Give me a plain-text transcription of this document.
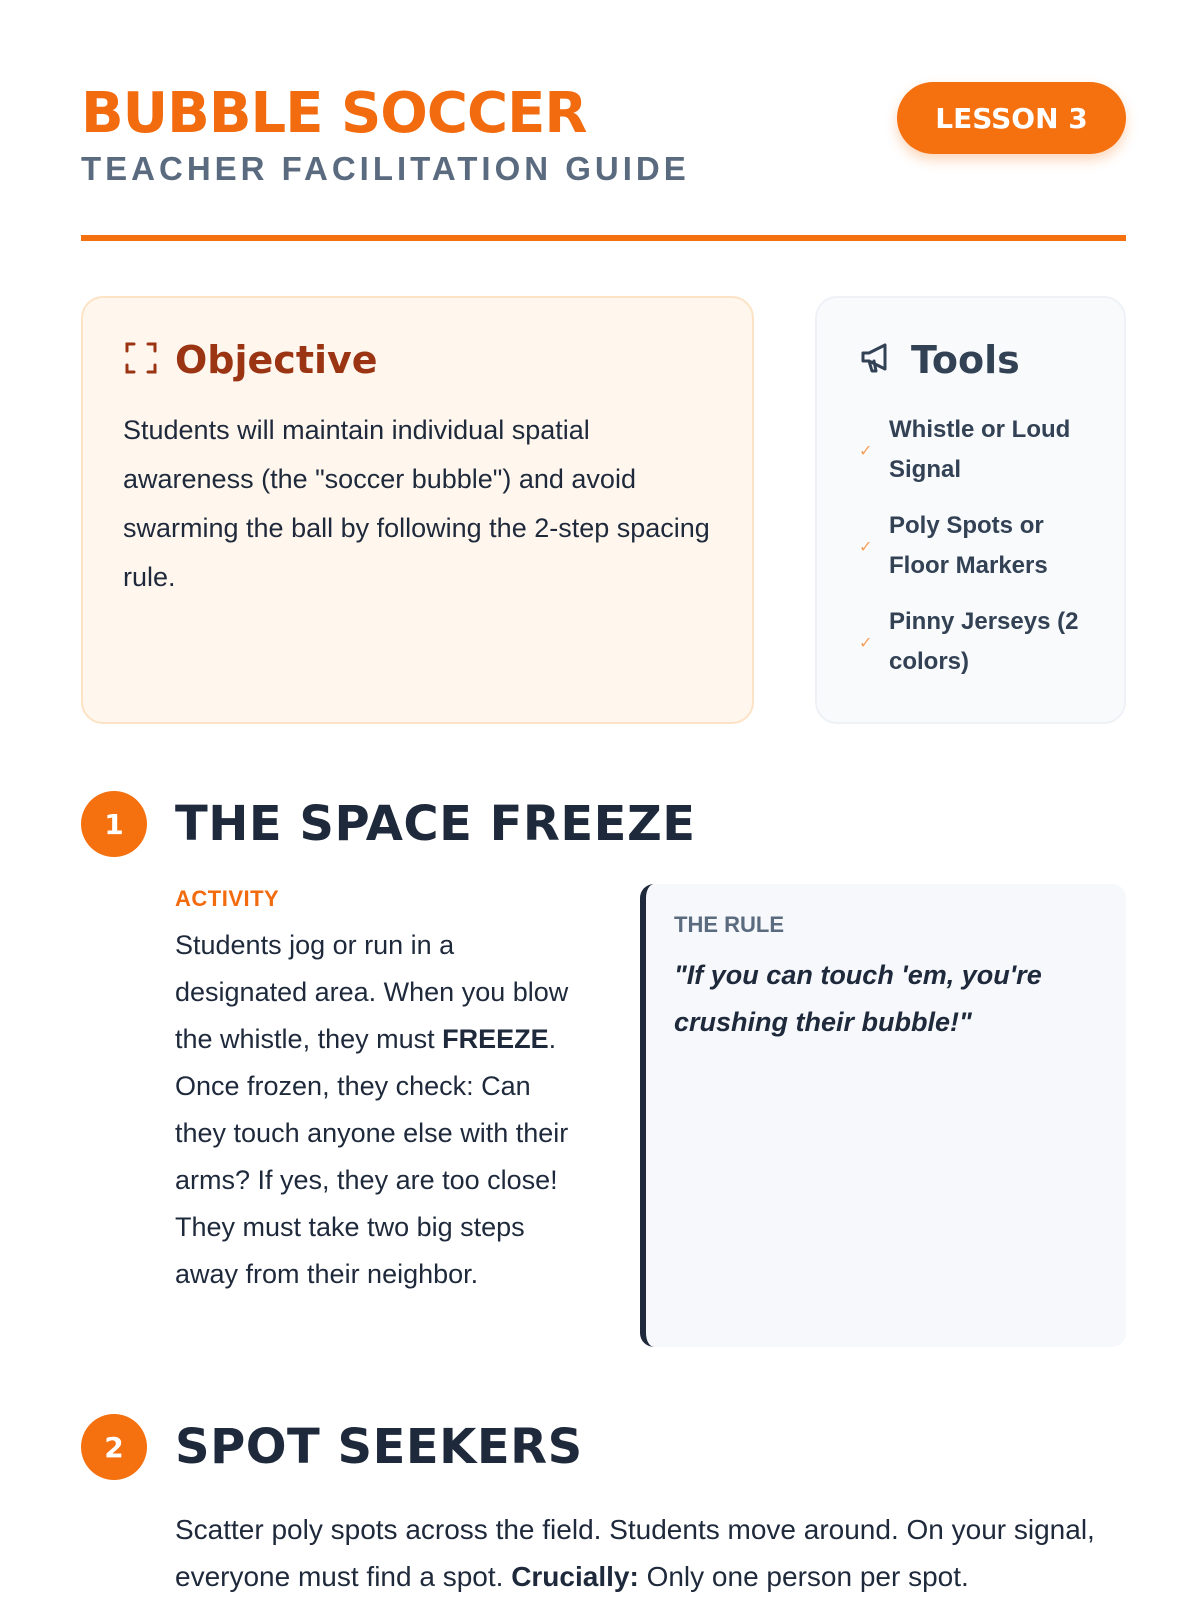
BUBBLE SOCCER
TEACHER FACILITATION GUIDE
LESSON 3
Objective
Students will maintain individual spatial awareness (the "soccer bubble") and avoid swarming the ball by following the 2-step spacing rule.
Tools
✓
Whistle or Loud Signal
✓
Poly Spots or Floor Markers
✓
Pinny Jerseys (2 colors)
1	THE SPACE FREEZE
ACTIVITY
Students jog or run in a designated area. When you blow the whistle, they must FREEZE. Once frozen, they check: Can they touch anyone else with their arms? If yes, they are too close! They must take two big steps away from their neighbor.
THE RULE
"If you can touch 'em, you're crushing their bubble!"
2	SPOT SEEKERS
Scatter poly spots across the field. Students move around. On your signal, everyone must find a spot. Crucially: Only one person per spot.
